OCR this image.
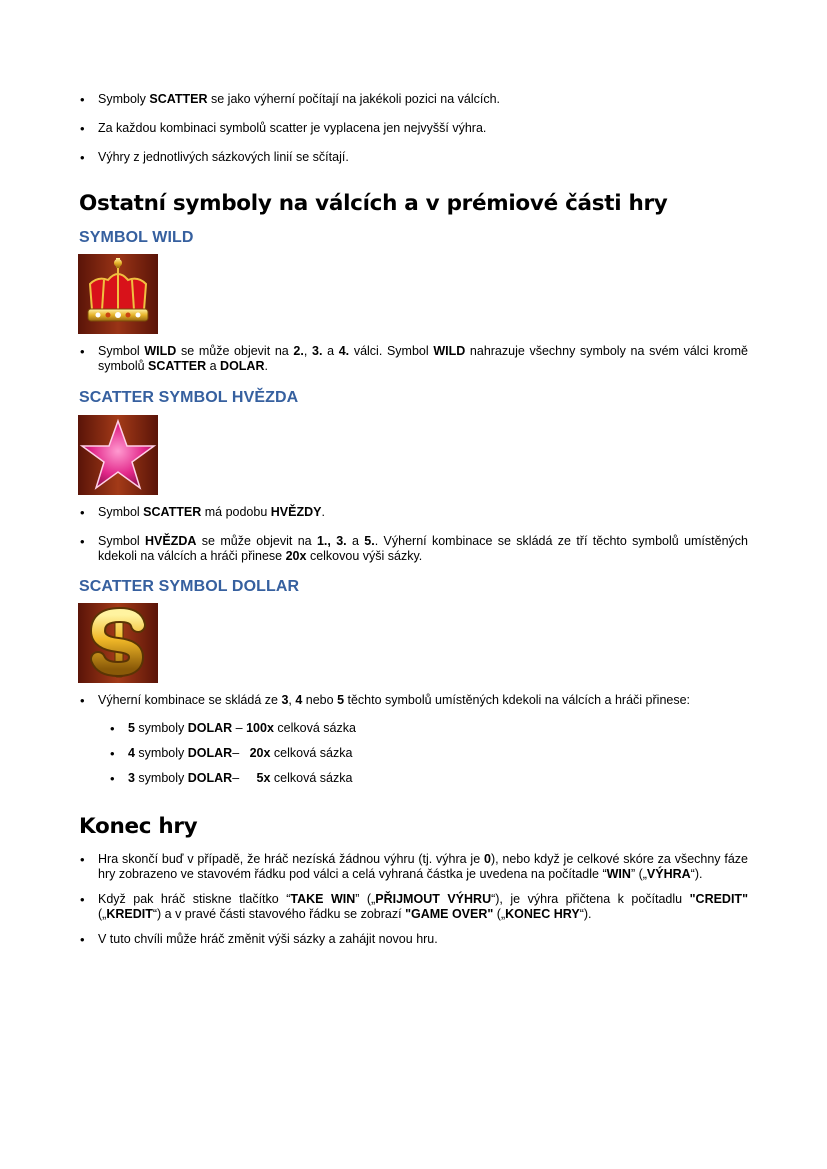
• Symboly SCATTER se jako výherní počítají na jakékoli pozici na válcích.
• Za každou kombinaci symbolů scatter je vyplacena jen nejvyšší výhra.
• Výhry z jednotlivých sázkových linií se sčítají.
Ostatní symboly na válcích a v prémiové části hry
SYMBOL WILD
• Symbol WILD se může objevit na 2., 3. a 4. válci. Symbol WILD nahrazuje všechny symboly na svém válci kromě symbolů SCATTER a DOLAR.
SCATTER SYMBOL HVĚZDA
• Symbol SCATTER má podobu HVĚZDY.
• Symbol HVĚZDA se může objevit na 1., 3. a 5.. Výherní kombinace se skládá ze tří těchto symbolů umístěných kdekoli na válcích a hráči přinese 20x celkovou výši sázky.
SCATTER SYMBOL DOLLAR
• Výherní kombinace se skládá ze 3, 4 nebo 5 těchto symbolů umístěných kdekoli na válcích a hráči přinese:
• 5 symboly DOLAR – 100x celková sázka
• 4 symboly DOLAR–   20x celková sázka
• 3 symboly DOLAR–     5x celková sázka
Konec hry
• Hra skončí buď v případě, že hráč nezíská žádnou výhru (tj. výhra je 0), nebo když je celkové skóre za všechny fáze hry zobrazeno ve stavovém řádku pod válci a celá vyhraná částka je uvedena na počítadle “WIN” („VÝHRA“).
• Když pak hráč stiskne tlačítko “TAKE WIN” („PŘIJMOUT VÝHRU“), je výhra přičtena k počítadlu "CREDIT" („KREDIT“) a v pravé části stavového řádku se zobrazí "GAME OVER" („KONEC HRY“).
• V tuto chvíli může hráč změnit výši sázky a zahájit novou hru.
